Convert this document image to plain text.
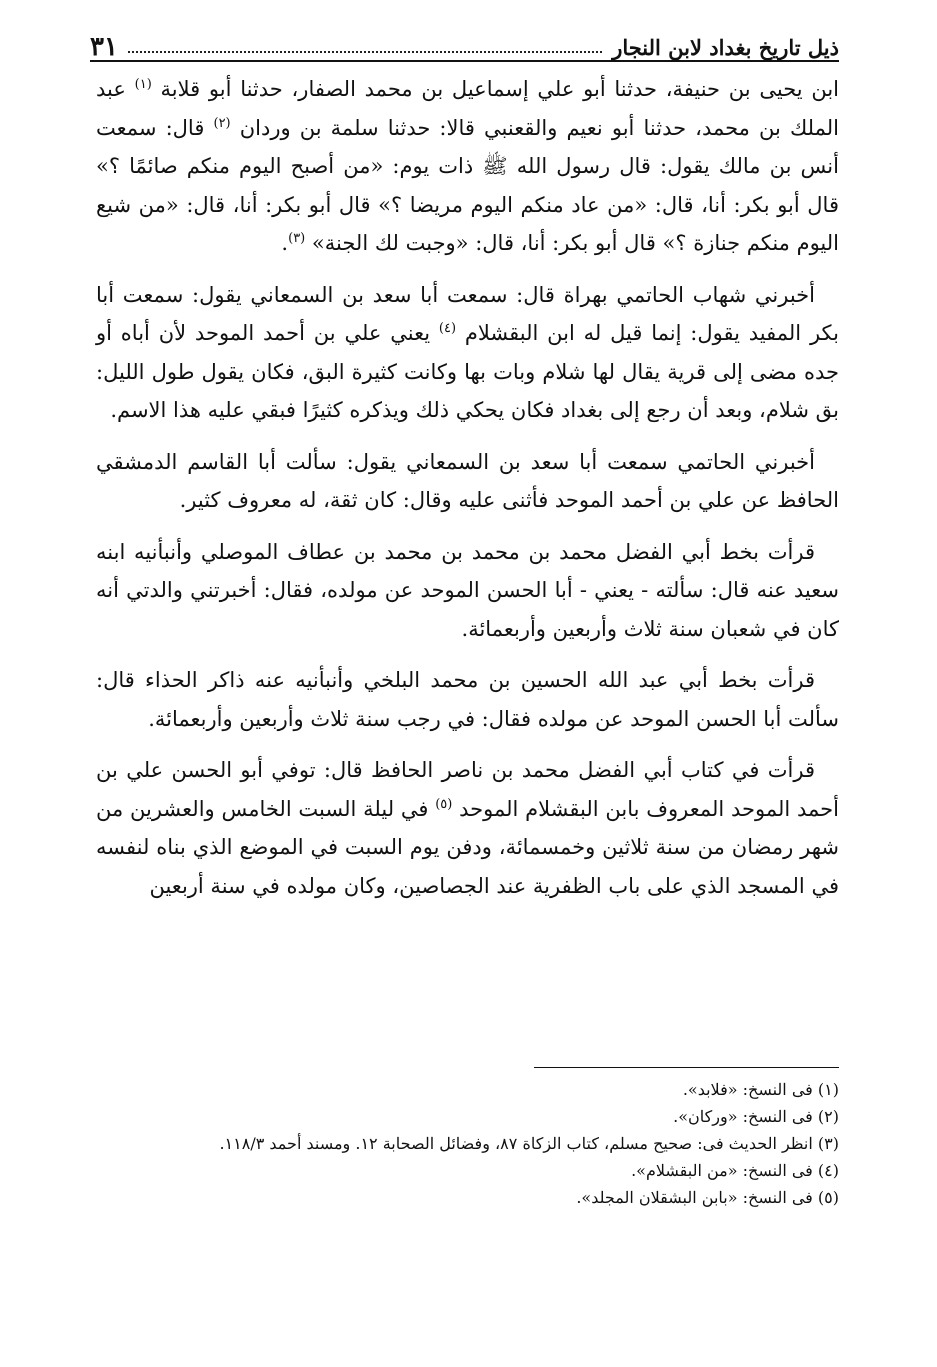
ذيل تاريخ بغداد لابن النجار
٣١

ابن يحيى بن حنيفة، حدثنا أبو علي إسماعيل بن محمد الصفار، حدثنا أبو قلابة $^{(١)}$ عبد الملك بن محمد، حدثنا أبو نعيم والقعنبي قالا: حدثنا سلمة بن وردان $^{(٢)}$ قال: سمعت أنس بن مالك يقول: قال رسول الله ﷺ ذات يوم: «من أصبح اليوم منكم صائمًا ؟» قال أبو بكر: أنا، قال: «من عاد منكم اليوم مريضا ؟» قال أبو بكر: أنا، قال: «من شيع اليوم منكم جنازة ؟» قال أبو بكر: أنا، قال: «وجبت لك الجنة» $^{(٣)}$.

أخبرني شهاب الحاتمي بهراة قال: سمعت أبا سعد بن السمعاني يقول: سمعت أبا بكر المفيد يقول: إنما قيل له ابن البقشلام $^{(٤)}$ يعني علي بن أحمد الموحد لأن أباه أو جده مضى إلى قرية يقال لها شلام وبات بها وكانت كثيرة البق، فكان يقول طول الليل: بق شلام، وبعد أن رجع إلى بغداد فكان يحكي ذلك ويذكره كثيرًا فبقي عليه هذا الاسم.

أخبرني الحاتمي سمعت أبا سعد بن السمعاني يقول: سألت أبا القاسم الدمشقي الحافظ عن علي بن أحمد الموحد فأثنى عليه وقال: كان ثقة، له معروف كثير.

قرأت بخط أبي الفضل محمد بن محمد بن محمد بن عطاف الموصلي وأنبأنيه ابنه سعيد عنه قال: سألته - يعني - أبا الحسن الموحد عن مولده، فقال: أخبرتني والدتي أنه كان في شعبان سنة ثلاث وأربعين وأربعمائة.

قرأت بخط أبي عبد الله الحسين بن محمد البلخي وأنبأنيه عنه ذاكر الحذاء قال: سألت أبا الحسن الموحد عن مولده فقال: في رجب سنة ثلاث وأربعين وأربعمائة.

قرأت في كتاب أبي الفضل محمد بن ناصر الحافظ قال: توفي أبو الحسن علي بن أحمد الموحد المعروف بابن البقشلام الموحد $^{(٥)}$ في ليلة السبت الخامس والعشرين من شهر رمضان من سنة ثلاثين وخمسمائة، ودفن يوم السبت في الموضع الذي بناه لنفسه في المسجد الذي على باب الظفرية عند الجصاصين، وكان مولده في سنة أربعين

(١) فى النسخ: «فلابد».
(٢) فى النسخ: «وركان».
(٣) انظر الحديث فى: صحيح مسلم، كتاب الزكاة ٨٧، وفضائل الصحابة ١٢. ومسند أحمد ١١٨/٣.
(٤) فى النسخ: «من البقشلام».
(٥) فى النسخ: «بابن البشقلان المجلد».
